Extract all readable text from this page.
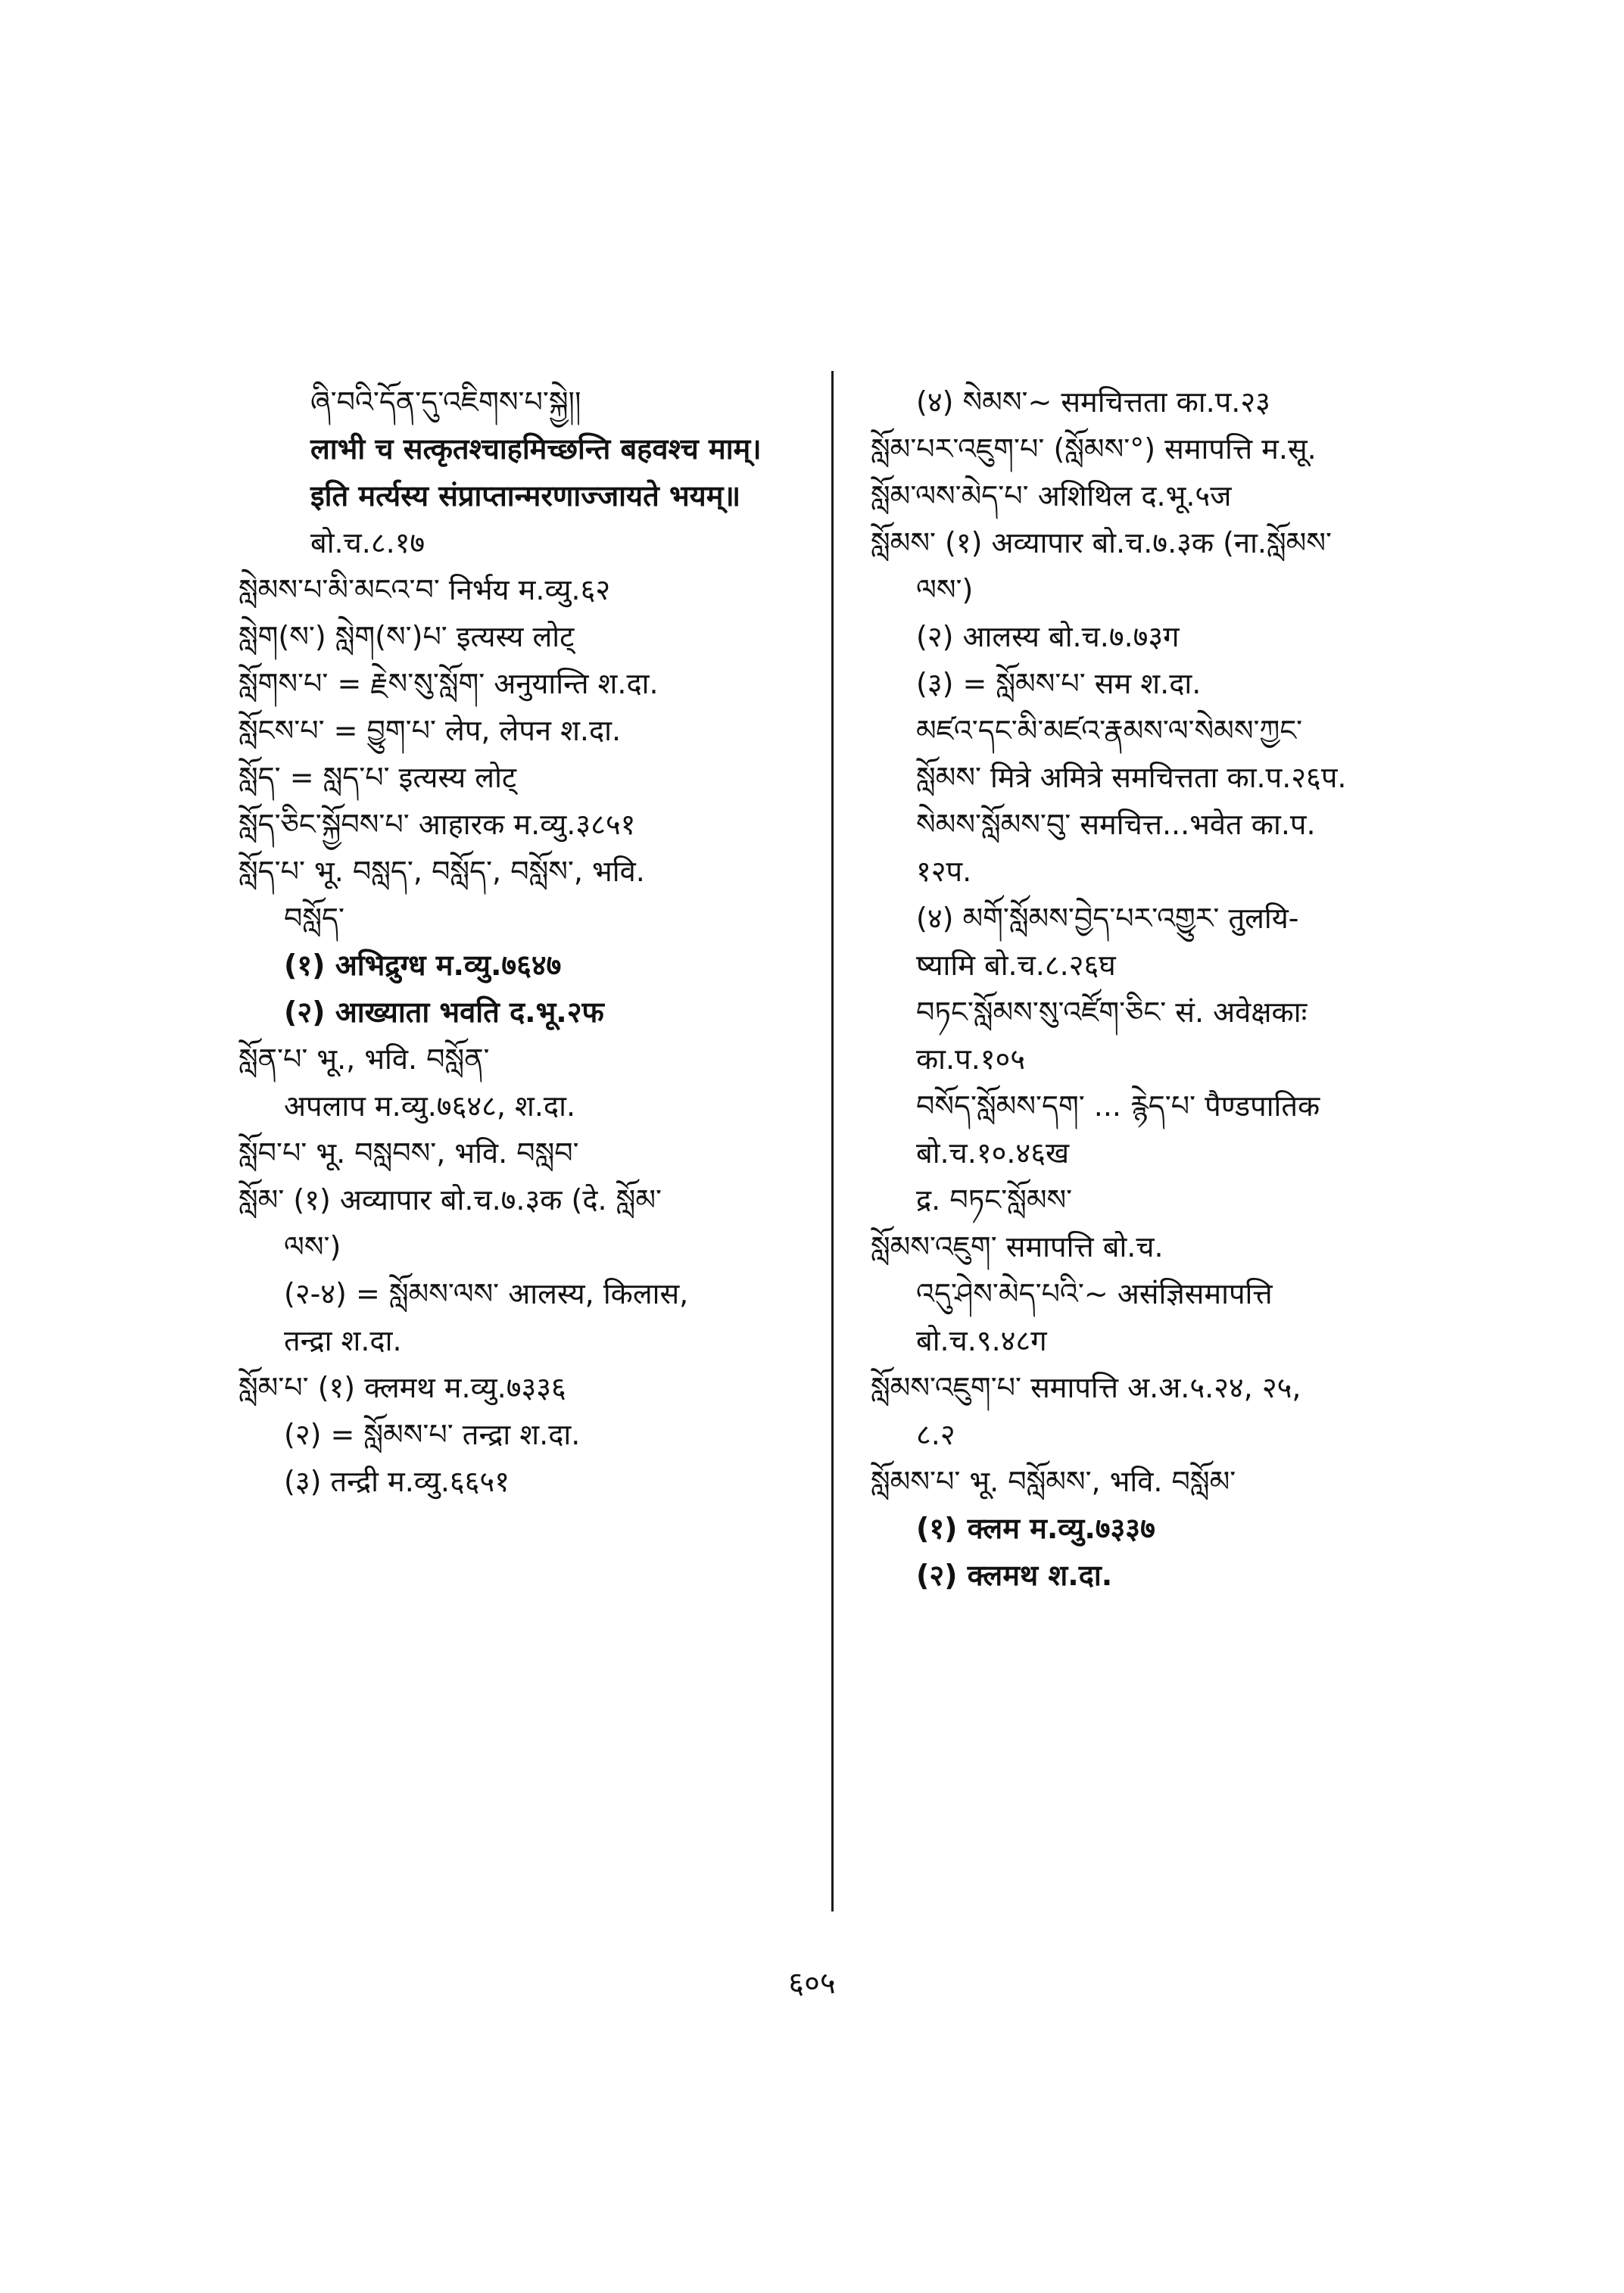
ཞི་བའི་དོན་དུ་འཇིགས་པ་སྐྱེ།།
लाभी च सत्कृतश्चाहमिच्छन्ति बहवश्च माम्।
इति मर्त्यस्य संप्राप्तान्मरणाज्जायते भयम्॥
बो.च.८.१७
སླེམས་པ་མི་མངའ་བ་ निर्भय म.व्यु.६२
སླེག(ས་) སླེག(ས་)པ་ इत्यस्य लोट्
སློགས་པ་ = རྗེས་སུ་སློག་ अनुयान्ति श.दा.
སློངས་པ་ = བྱུག་པ་ लेप, लेपन श.दा.
སློད་ = སླད་པ་ इत्यस्य लोट्
སློད་ཅིང་སྐྱོབས་པ་ आहारक म.व्यु.३८५१
སློད་པ་ भू. བསླད་, བསློད་, བསློས་, भवि.
བསློད་
(१) अभिद्रुग्ध म.व्यु.७६४७
(२) आख्याता भवति द.भू.२फ
སློན་པ་ भू., भवि. བསློན་
अपलाप म.व्यु.७६४८, श.दा.
སློབ་པ་ भू. བསླབས་, भवि. བསླབ་
སློམ་ (१) अव्यापार बो.च.७.३क (दे. སློམ་
ལས་)
(२-४) = སློམས་ལས་ आलस्य, किलास,
तन्द्रा श.दा.
སློམ་པ་ (१) क्लमथ म.व्यु.७३३६
(२) = སློམས་པ་ तन्द्रा श.दा.
(३) तन्द्री म.व्यु.६६५१
(४) སེམས་~ समचित्तता का.प.२३
སློམ་པར་འཇུག་པ་ (སློམས་°) समापत्ति म.सू.
སློམ་ལས་མེད་པ་ अशिथिल द.भू.५ज
སློམས་ (१) अव्यापार बो.च.७.३क (ना.སློམས་
ལས་)
(२) आलस्य बो.च.७.७३ग
(३) = སློམས་པ་ सम श.दा.
མཛའ་དང་མི་མཛའ་རྣམས་ལ་སེམས་ཀྱང་
སློམས་ मित्रे अमित्रे समचित्तता का.प.२६प.
སེམས་སློམས་བུ་ समचित्त...भवेत का.प.
१२प.
(४) མགོ་སློམས་བྱེད་པར་འགྱུར་ तुलयि-
ष्यामि बो.च.८.२६घ
བཏང་སློམས་སུ་འཛོག་ཅིང་ सं. अवेक्षकाः
का.प.१०५
བསོད་སློམས་དག་ ... རྙེད་པ་ पैण्डपातिक
बो.च.१०.४६ख
द्र. བཏང་སློམས་
སློམས་འཇུག་ समापत्ति बो.च.
འདུ་ཤེས་མེད་པའི་~ असंज्ञिसमापत्ति
बो.च.९.४८ग
སློམས་འཇུག་པ་ समापत्ति अ.अ.५.२४, २५,
८.२
སློམས་པ་ भू. བསློམས་, भवि. བསློམ་
(१) क्लम म.व्यु.७३३७
(२) क्लमथ श.दा.
६०५
